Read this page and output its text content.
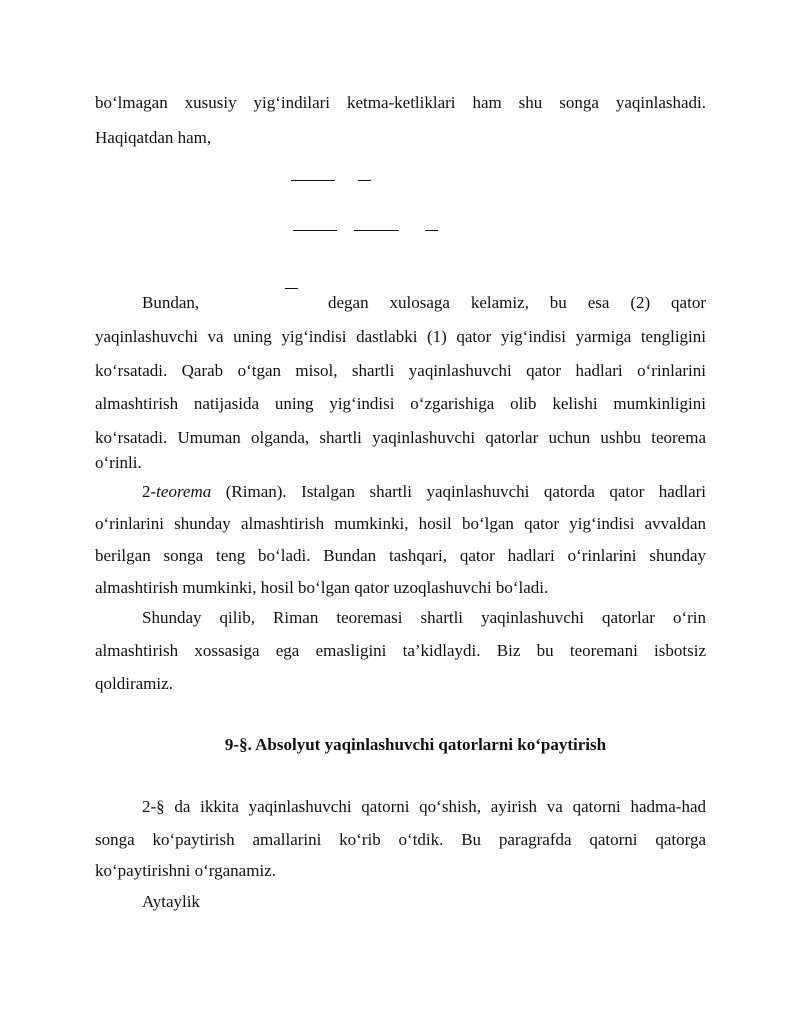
bo‘lmagan xususiy yig‘indilari ketma-ketliklari ham shu songa yaqinlashadi.
Haqiqatdan ham,
Bundan,	degan xulosaga kelamiz, bu esa (2) qator
yaqinlashuvchi va uning yig‘indisi dastlabki (1) qator yig‘indisi yarmiga tengligini
ko‘rsatadi. Qarab o‘tgan misol, shartli yaqinlashuvchi qator hadlari o‘rinlarini
almashtirish natijasida uning yig‘indisi o‘zgarishiga olib kelishi mumkinligini
ko‘rsatadi. Umuman olganda, shartli yaqinlashuvchi qatorlar uchun ushbu teorema
o‘rinli.
2-teorema (Riman). Istalgan shartli yaqinlashuvchi qatorda qator hadlari
o‘rinlarini shunday almashtirish mumkinki, hosil bo‘lgan qator yig‘indisi avvaldan
berilgan songa teng bo‘ladi. Bundan tashqari, qator hadlari o‘rinlarini shunday
almashtirish mumkinki, hosil bo‘lgan qator uzoqlashuvchi bo‘ladi.
Shunday qilib, Riman teoremasi shartli yaqinlashuvchi qatorlar o‘rin
almashtirish xossasiga ega emasligini ta’kidlaydi. Biz bu teoremani isbotsiz
qoldiramiz.
9-§. Absolyut yaqinlashuvchi qatorlarni ko‘paytirish
2-§ da ikkita yaqinlashuvchi qatorni qo‘shish, ayirish va qatorni hadma-had
songa ko‘paytirish amallarini ko‘rib o‘tdik. Bu paragrafda qatorni qatorga
ko‘paytirishni o‘rganamiz.
Aytaylik
